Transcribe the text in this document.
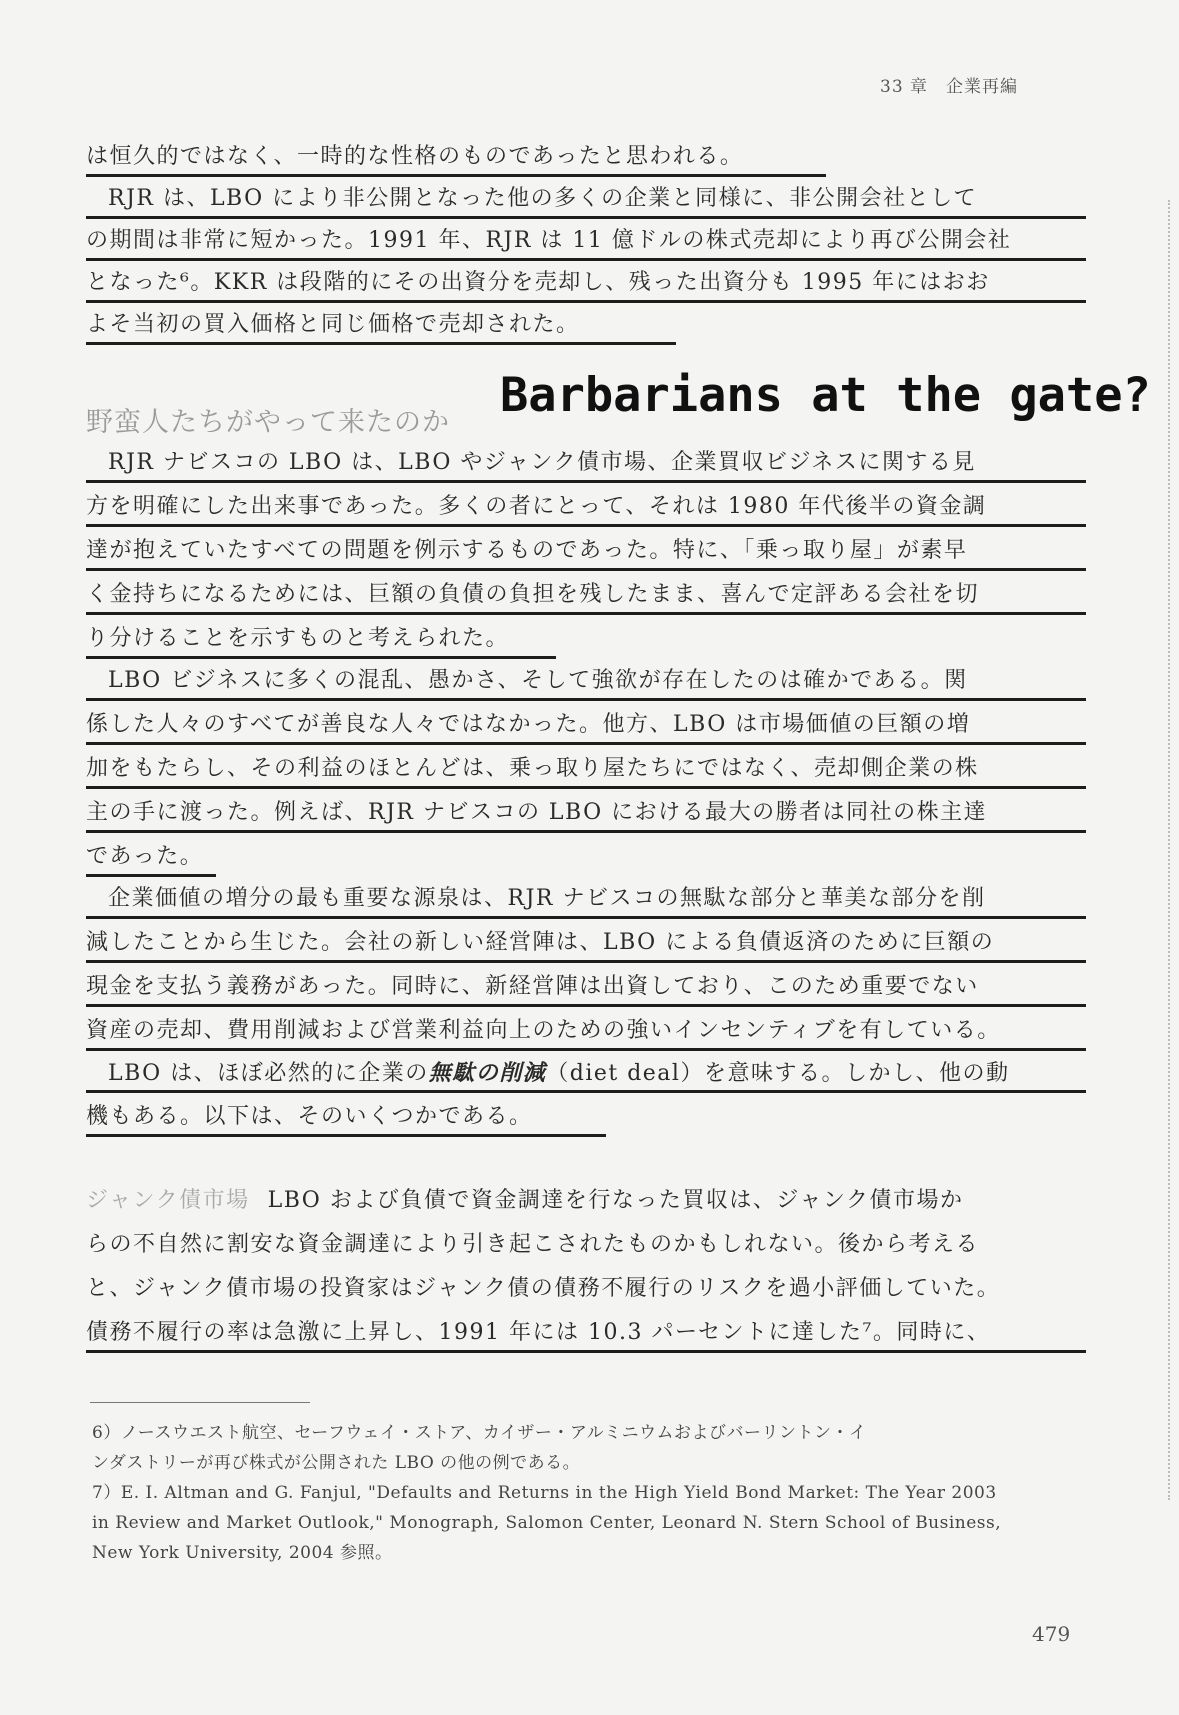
33 章　企業再編
は恒久的ではなく、一時的な性格のものであったと思われる。
RJR は、LBO により非公開となった他の多くの企業と同様に、非公開会社として
の期間は非常に短かった。1991 年、RJR は 11 億ドルの株式売却により再び公開会社
となった⁶。KKR は段階的にその出資分を売却し、残った出資分も 1995 年にはおお
よそ当初の買入価格と同じ価格で売却された。
野蛮人たちがやって来たのか Barbarians at the gate?
RJR ナビスコの LBO は、LBO やジャンク債市場、企業買収ビジネスに関する見
方を明確にした出来事であった。多くの者にとって、それは 1980 年代後半の資金調
達が抱えていたすべての問題を例示するものであった。特に、「乗っ取り屋」が素早
く金持ちになるためには、巨額の負債の負担を残したまま、喜んで定評ある会社を切
り分けることを示すものと考えられた。
LBO ビジネスに多くの混乱、愚かさ、そして強欲が存在したのは確かである。関
係した人々のすべてが善良な人々ではなかった。他方、LBO は市場価値の巨額の増
加をもたらし、その利益のほとんどは、乗っ取り屋たちにではなく、売却側企業の株
主の手に渡った。例えば、RJR ナビスコの LBO における最大の勝者は同社の株主達
であった。
企業価値の増分の最も重要な源泉は、RJR ナビスコの無駄な部分と華美な部分を削
減したことから生じた。会社の新しい経営陣は、LBO による負債返済のために巨額の
現金を支払う義務があった。同時に、新経営陣は出資しており、このため重要でない
資産の売却、費用削減および営業利益向上のための強いインセンティブを有している。
LBO は、ほぼ必然的に企業の無駄の削減（diet deal）を意味する。しかし、他の動
機もある。以下は、そのいくつかである。
ジャンク債市場 LBO および負債で資金調達を行なった買収は、ジャンク債市場か
らの不自然に割安な資金調達により引き起こされたものかもしれない。後から考える
と、ジャンク債市場の投資家はジャンク債の債務不履行のリスクを過小評価していた。
債務不履行の率は急激に上昇し、1991 年には 10.3 パーセントに達した⁷。同時に、
6）ノースウエスト航空、セーフウェイ・ストア、カイザー・アルミニウムおよびバーリントン・イ
ンダストリーが再び株式が公開された LBO の他の例である。
7）E. I. Altman and G. Fanjul, "Defaults and Returns in the High Yield Bond Market: The Year 2003
in Review and Market Outlook," Monograph, Salomon Center, Leonard N. Stern School of Business,
New York University, 2004 参照。
479
